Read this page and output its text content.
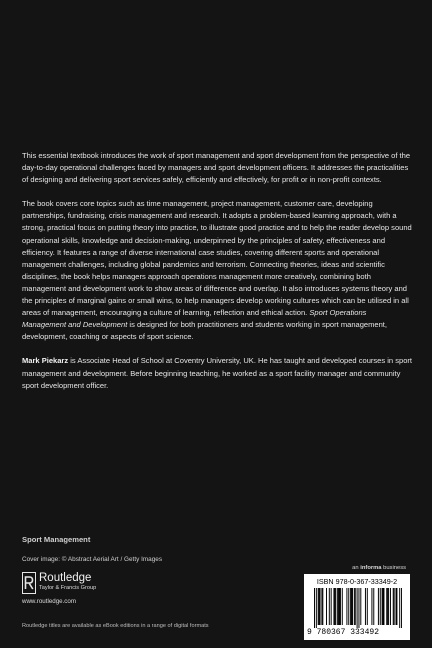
This essential textbook introduces the work of sport management and sport development from the perspective of the day-to-day operational challenges faced by managers and sport development officers. It addresses the practicalities of designing and delivering sport services safely, efficiently and effectively, for profit or in non-profit contexts.

The book covers core topics such as time management, project management, customer care, developing partnerships, fundraising, crisis management and research. It adopts a problem-based learning approach, with a strong, practical focus on putting theory into practice, to illustrate good practice and to help the reader develop sound operational skills, knowledge and decision-making, underpinned by the principles of safety, effectiveness and efficiency. It features a range of diverse international case studies, covering different sports and operational management challenges, including global pandemics and terrorism. Connecting theories, ideas and scientific disciplines, the book helps managers approach operations management more creatively, combining both management and development work to show areas of difference and overlap. It also introduces systems theory and the principles of marginal gains or small wins, to help managers develop working cultures which can be utilised in all areas of management, encouraging a culture of learning, reflection and ethical action. Sport Operations Management and Development is designed for both practitioners and students working in sport management, development, coaching or aspects of sport science.

Mark Piekarz is Associate Head of School at Coventry University, UK. He has taught and developed courses in sport management and development. Before beginning teaching, he worked as a sport facility manager and community sport development officer.

Sport Management
Cover image: © Abstract Aerial Art / Getty Images
Routledge
Taylor & Francis Group
www.routledge.com
Routledge titles are available as eBook editions in a range of digital formats
an informa business
ISBN 978-0-367-33349-2
9 780367 333492
